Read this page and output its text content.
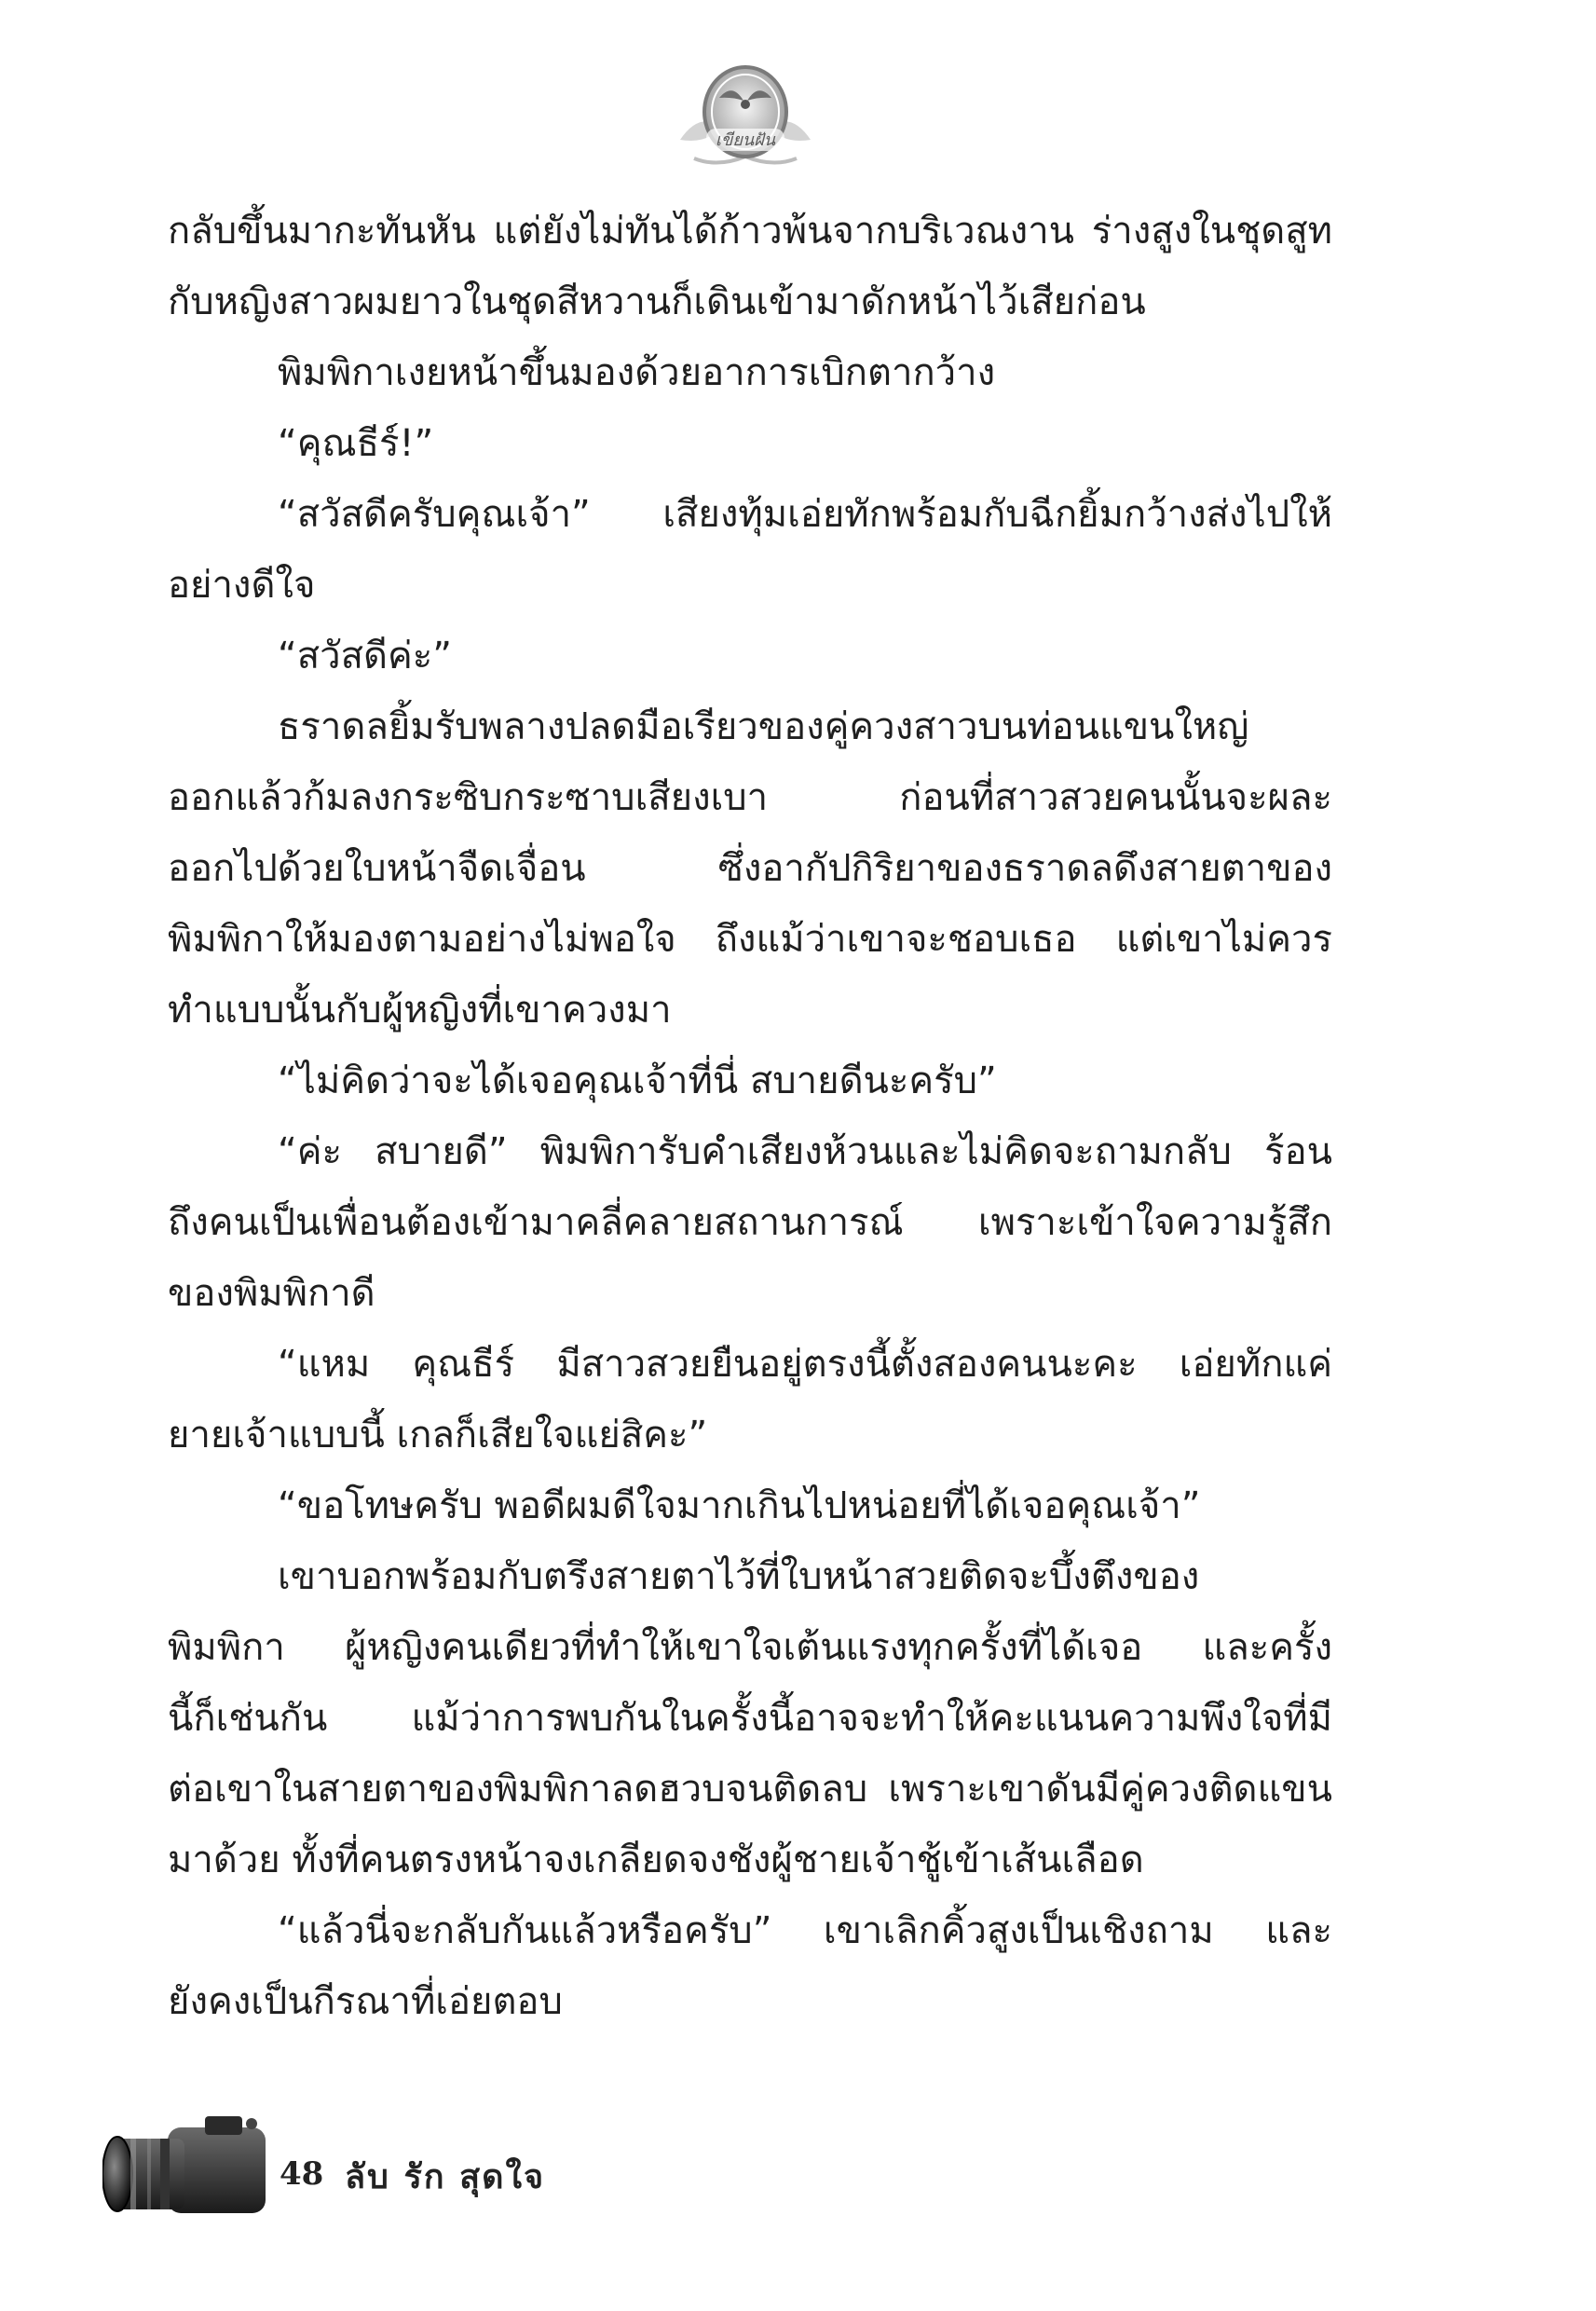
เขียนฝัน
กลับขึ้นมากะทันหัน แต่ยังไม่ทันได้ก้าวพ้นจากบริเวณงาน ร่างสูงในชุดสูท
กับหญิงสาวผมยาวในชุดสีหวานก็เดินเข้ามาดักหน้าไว้เสียก่อน
พิมพิกาเงยหน้าขึ้นมองด้วยอาการเบิกตากว้าง
“คุณธีร์!”
“สวัสดีครับคุณเจ้า” เสียงทุ้มเอ่ยทักพร้อมกับฉีกยิ้มกว้างส่งไปให้
อย่างดีใจ
“สวัสดีค่ะ”
ธราดลยิ้มรับพลางปลดมือเรียวของคู่ควงสาวบนท่อนแขนใหญ่
ออกแล้วก้มลงกระซิบกระซาบเสียงเบา ก่อนที่สาวสวยคนนั้นจะผละ
ออกไปด้วยใบหน้าจืดเจื่อน ซึ่งอากัปกิริยาของธราดลดึงสายตาของ
พิมพิกาให้มองตามอย่างไม่พอใจ ถึงแม้ว่าเขาจะชอบเธอ แต่เขาไม่ควร
ทำแบบนั้นกับผู้หญิงที่เขาควงมา
“ไม่คิดว่าจะได้เจอคุณเจ้าที่นี่ สบายดีนะครับ”
“ค่ะ สบายดี” พิมพิการับคำเสียงห้วนและไม่คิดจะถามกลับ ร้อน
ถึงคนเป็นเพื่อนต้องเข้ามาคลี่คลายสถานการณ์ เพราะเข้าใจความรู้สึก
ของพิมพิกาดี
“แหม คุณธีร์ มีสาวสวยยืนอยู่ตรงนี้ตั้งสองคนนะคะ เอ่ยทักแค่
ยายเจ้าแบบนี้ เกลก็เสียใจแย่สิคะ”
“ขอโทษครับ พอดีผมดีใจมากเกินไปหน่อยที่ได้เจอคุณเจ้า”
เขาบอกพร้อมกับตรึงสายตาไว้ที่ใบหน้าสวยติดจะบึ้งตึงของ
พิมพิกา ผู้หญิงคนเดียวที่ทำให้เขาใจเต้นแรงทุกครั้งที่ได้เจอ และครั้ง
นี้ก็เช่นกัน แม้ว่าการพบกันในครั้งนี้อาจจะทำให้คะแนนความพึงใจที่มี
ต่อเขาในสายตาของพิมพิกาลดฮวบจนติดลบ เพราะเขาดันมีคู่ควงติดแขน
มาด้วย ทั้งที่คนตรงหน้าจงเกลียดจงชังผู้ชายเจ้าชู้เข้าเส้นเลือด
“แล้วนี่จะกลับกันแล้วหรือครับ” เขาเลิกคิ้วสูงเป็นเชิงถาม และ
ยังคงเป็นกีรณาที่เอ่ยตอบ
48 ลับ รัก สุดใจ
